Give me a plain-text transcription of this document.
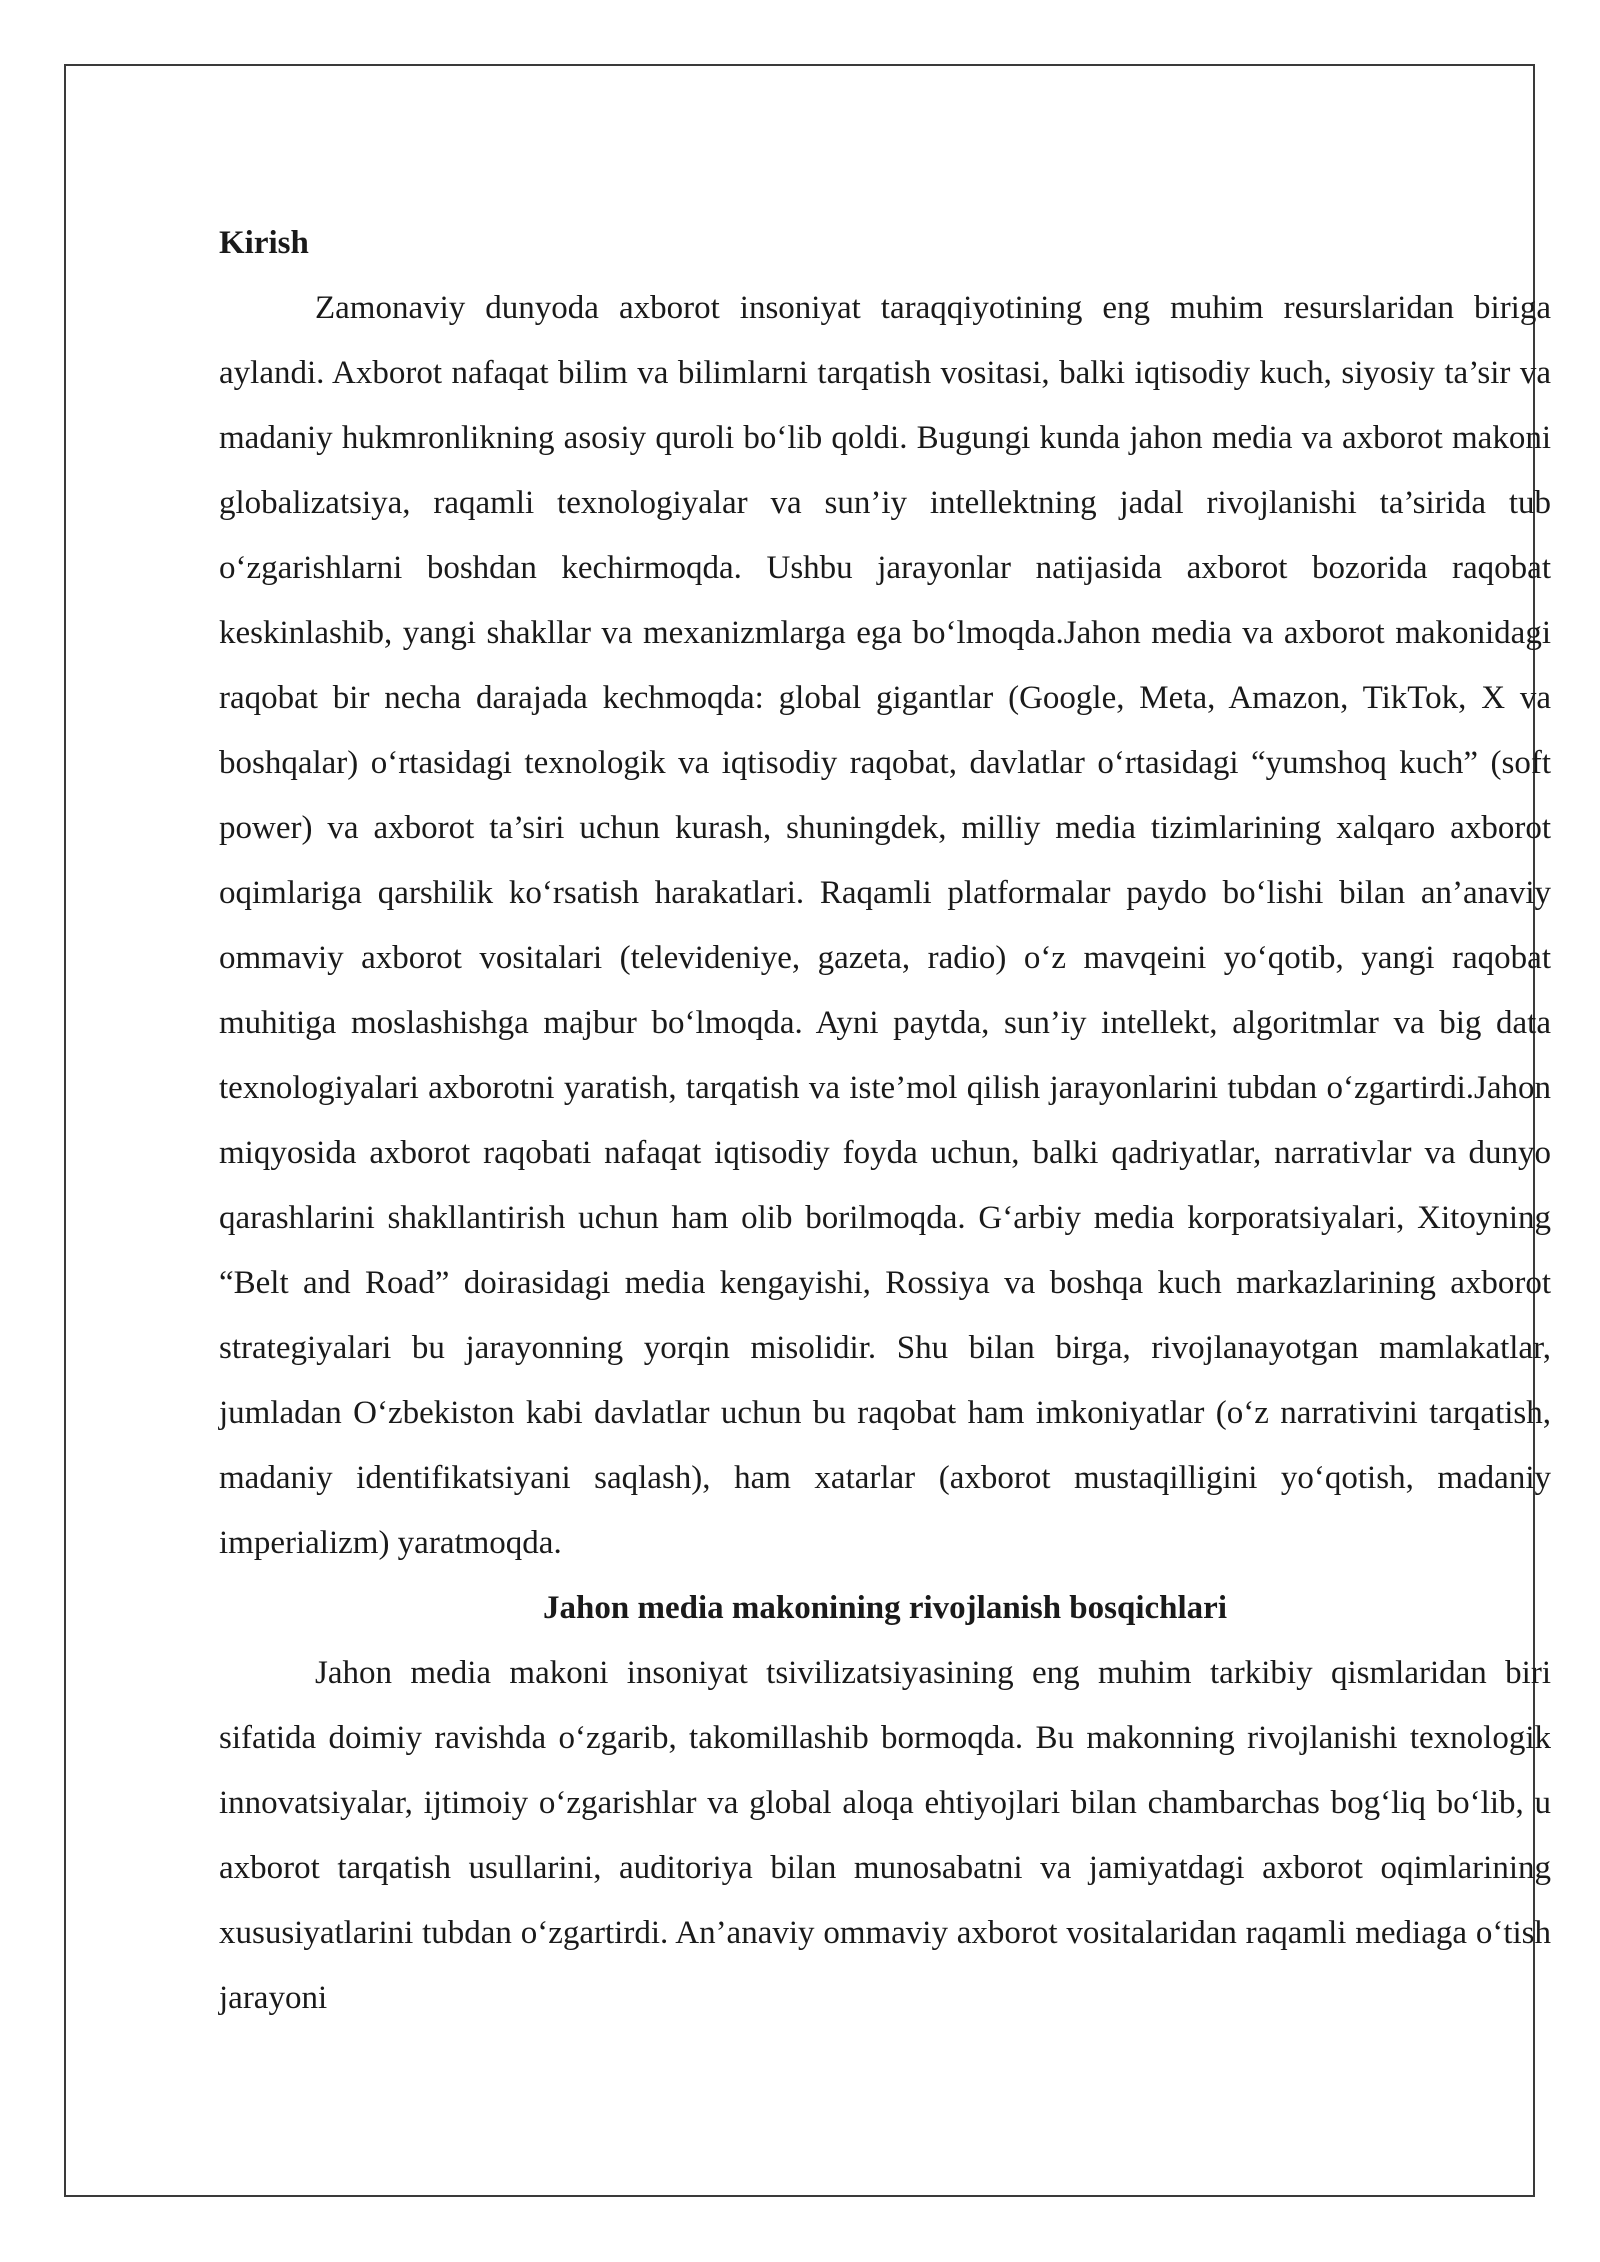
Kirish

Zamonaviy dunyoda axborot insoniyat taraqqiyotining eng muhim resurslaridan biriga aylandi. Axborot nafaqat bilim va bilimlarni tarqatish vositasi, balki iqtisodiy kuch, siyosiy ta’sir va madaniy hukmronlikning asosiy quroli bo‘lib qoldi. Bugungi kunda jahon media va axborot makoni globalizatsiya, raqamli texnologiyalar va sun’iy intellektning jadal rivojlanishi ta’sirida tub o‘zgarishlarni boshdan kechirmoqda. Ushbu jarayonlar natijasida axborot bozorida raqobat keskinlashib, yangi shakllar va mexanizmlarga ega bo‘lmoqda.Jahon media va axborot makonidagi raqobat bir necha darajada kechmoqda: global gigantlar (Google, Meta, Amazon, TikTok, X va boshqalar) o‘rtasidagi texnologik va iqtisodiy raqobat, davlatlar o‘rtasidagi “yumshoq kuch” (soft power) va axborot ta’siri uchun kurash, shuningdek, milliy media tizimlarining xalqaro axborot oqimlariga qarshilik ko‘rsatish harakatlari. Raqamli platformalar paydo bo‘lishi bilan an’anaviy ommaviy axborot vositalari (televideniye, gazeta, radio) o‘z mavqeini yo‘qotib, yangi raqobat muhitiga moslashishga majbur bo‘lmoqda. Ayni paytda, sun’iy intellekt, algoritmlar va big data texnologiyalari axborotni yaratish, tarqatish va iste’mol qilish jarayonlarini tubdan o‘zgartirdi.Jahon miqyosida axborot raqobati nafaqat iqtisodiy foyda uchun, balki qadriyatlar, narrativlar va dunyo qarashlarini shakllantirish uchun ham olib borilmoqda. G‘arbiy media korporatsiyalari, Xitoyning “Belt and Road” doirasidagi media kengayishi, Rossiya va boshqa kuch markazlarining axborot strategiyalari bu jarayonning yorqin misolidir. Shu bilan birga, rivojlanayotgan mamlakatlar, jumladan O‘zbekiston kabi davlatlar uchun bu raqobat ham imkoniyatlar (o‘z narrativini tarqatish, madaniy identifikatsiyani saqlash), ham xatarlar (axborot mustaqilligini yo‘qotish, madaniy imperializm) yaratmoqda.

Jahon media makonining rivojlanish bosqichlari

Jahon media makoni insoniyat tsivilizatsiyasining eng muhim tarkibiy qismlaridan biri sifatida doimiy ravishda o‘zgarib, takomillashib bormoqda. Bu makonning rivojlanishi texnologik innovatsiyalar, ijtimoiy o‘zgarishlar va global aloqa ehtiyojlari bilan chambarchas bog‘liq bo‘lib, u axborot tarqatish usullarini, auditoriya bilan munosabatni va jamiyatdagi axborot oqimlarining xususiyatlarini tubdan o‘zgartirdi. An’anaviy ommaviy axborot vositalaridan raqamli mediaga o‘tish jarayoni
